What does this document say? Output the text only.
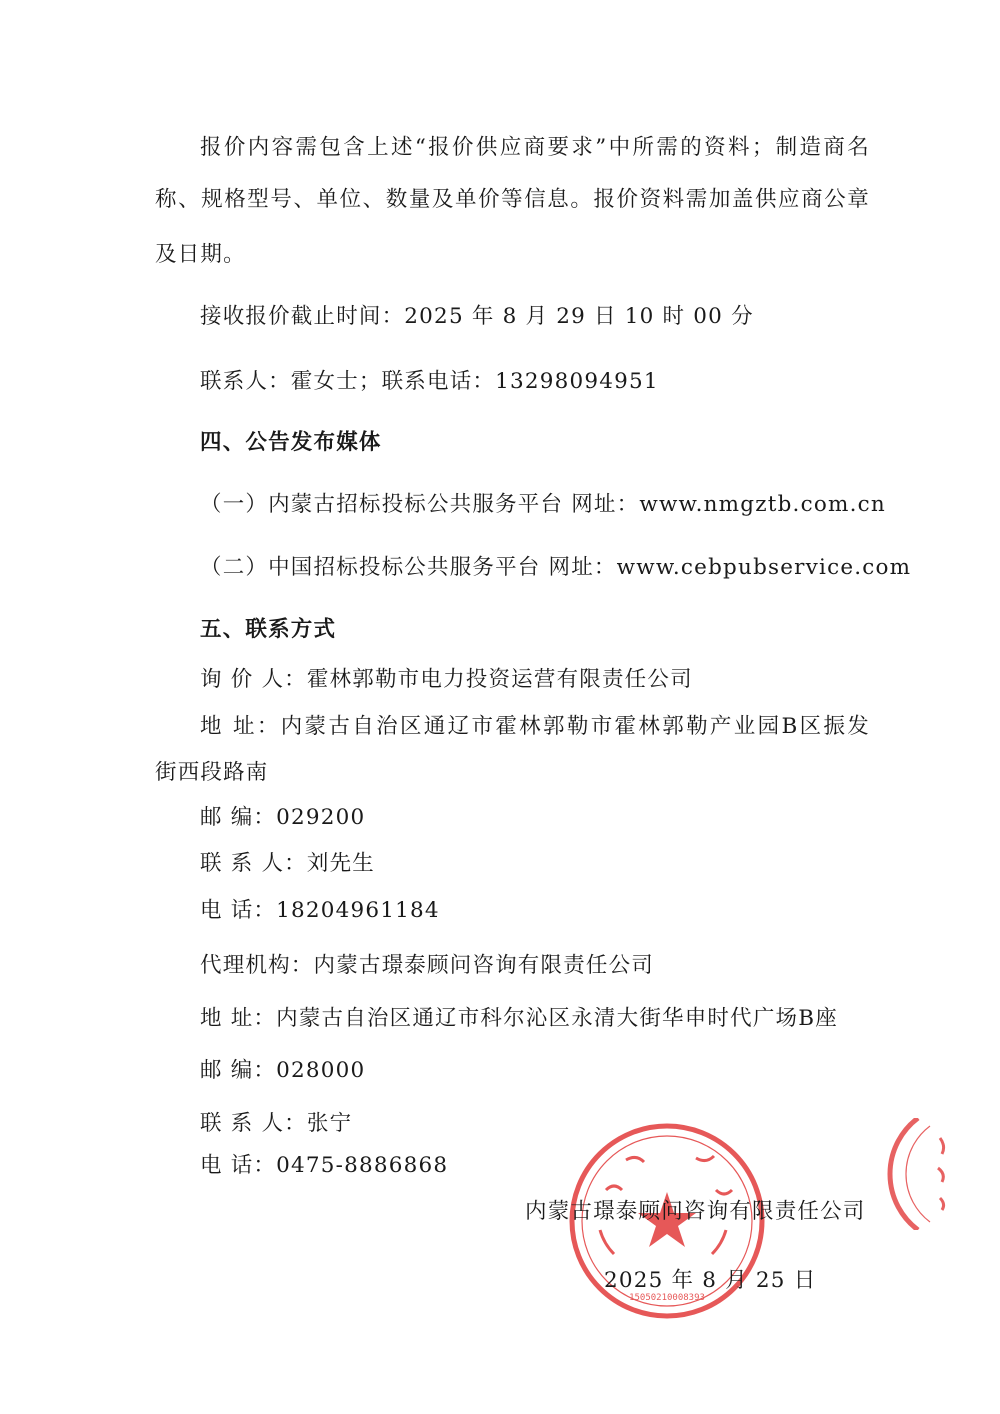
报价内容需包含上述“报价供应商要求”中所需的资料；制造商名
称、规格型号、单位、数量及单价等信息。报价资料需加盖供应商公章
及日期。
接收报价截止时间：2025 年 8 月 29 日 10 时 00 分
联系人：霍女士；联系电话：13298094951
四、公告发布媒体
（一）内蒙古招标投标公共服务平台 网址：www.nmgztb.com.cn
（二）中国招标投标公共服务平台 网址：www.cebpubservice.com
五、联系方式
询 价 人：霍林郭勒市电力投资运营有限责任公司
地 址：内蒙古自治区通辽市霍林郭勒市霍林郭勒产业园B区振发
街西段路南
邮 编：029200
联 系 人：刘先生
电 话：18204961184
代理机构：内蒙古璟泰顾问咨询有限责任公司
地 址：内蒙古自治区通辽市科尔沁区永清大街华申时代广场B座
邮 编：028000
联 系 人：张宁
电 话：0475-8886868
15050210008393
内蒙古璟泰顾问咨询有限责任公司
2025 年 8 月 25 日
